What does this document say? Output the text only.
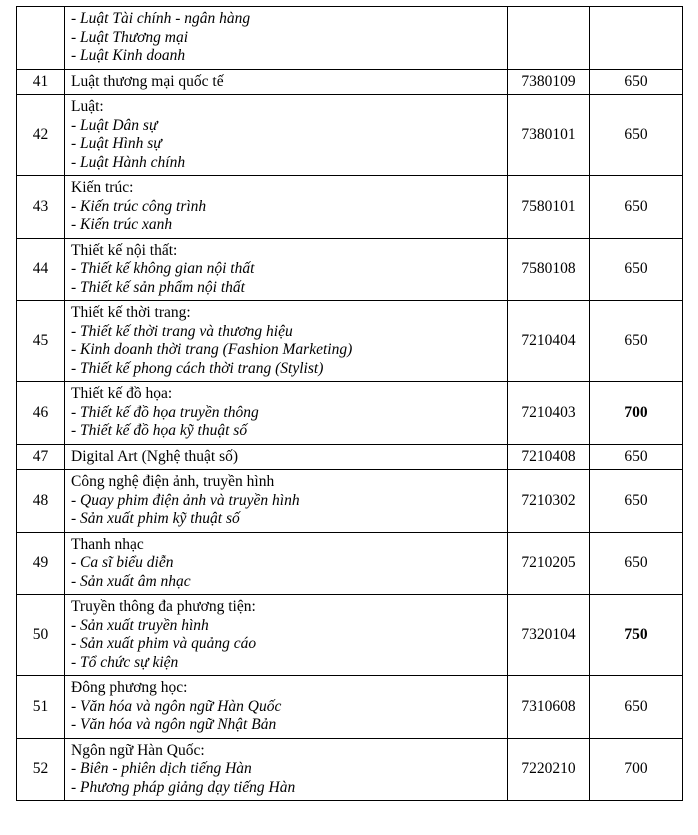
	- Luật Tài chính - ngân hàng
- Luật Thương mại
- Luật Kinh doanh		

41	Luật thương mại quốc tế	7380109	650
42	Luật:
- Luật Dân sự
- Luật Hình sự
- Luật Hành chính	7380101	650
43	Kiến trúc:
- Kiến trúc công trình
- Kiến trúc xanh	7580101	650
44	Thiết kế nội thất:
- Thiết kế không gian nội thất
- Thiết kế sản phẩm nội thất	7580108	650
45	Thiết kế thời trang:
- Thiết kế thời trang và thương hiệu
- Kinh doanh thời trang (Fashion Marketing)
- Thiết kế phong cách thời trang (Stylist)	7210404	650
46	Thiết kế đồ họa:
- Thiết kế đồ họa truyền thông
- Thiết kế đồ họa kỹ thuật số	7210403	700
47	Digital Art (Nghệ thuật số)	7210408	650
48	Công nghệ điện ảnh, truyền hình
- Quay phim điện ảnh và truyền hình
- Sản xuất phim kỹ thuật số	7210302	650
49	Thanh nhạc
- Ca sĩ biểu diễn
- Sản xuất âm nhạc	7210205	650
50	Truyền thông đa phương tiện:
- Sản xuất truyền hình
- Sản xuất phim và quảng cáo
- Tổ chức sự kiện	7320104	750
51	Đông phương học:
- Văn hóa và ngôn ngữ Hàn Quốc
- Văn hóa và ngôn ngữ Nhật Bản	7310608	650
52	Ngôn ngữ Hàn Quốc:
- Biên - phiên dịch tiếng Hàn
- Phương pháp giảng dạy tiếng Hàn	7220210	700
